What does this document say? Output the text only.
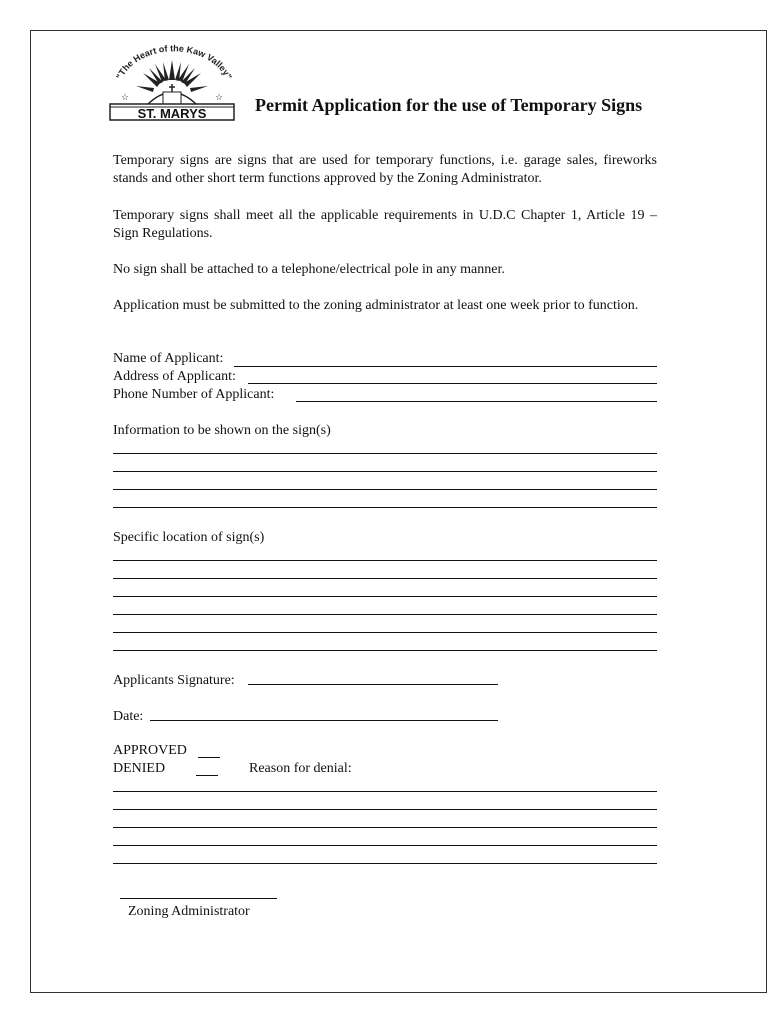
"The Heart of the Kaw Valley"
☆	☆
ST. MARYS	Permit Application for the use of Temporary Signs
Temporary signs are signs that are used for temporary functions, i.e. garage sales, fireworks stands and other short term functions approved by the Zoning Administrator.
Temporary signs shall meet all the applicable requirements in U.D.C Chapter 1, Article 19 – Sign Regulations.
No sign shall be attached to a telephone/electrical pole in any manner.
Application must be submitted to the zoning administrator at least one week prior to function.
Name of Applicant:
Address of Applicant:
Phone Number of Applicant:
Information to be shown on the sign(s)
Specific location of sign(s)
Applicants Signature:
Date:
APPROVED
DENIED	Reason for denial:
Zoning Administrator
